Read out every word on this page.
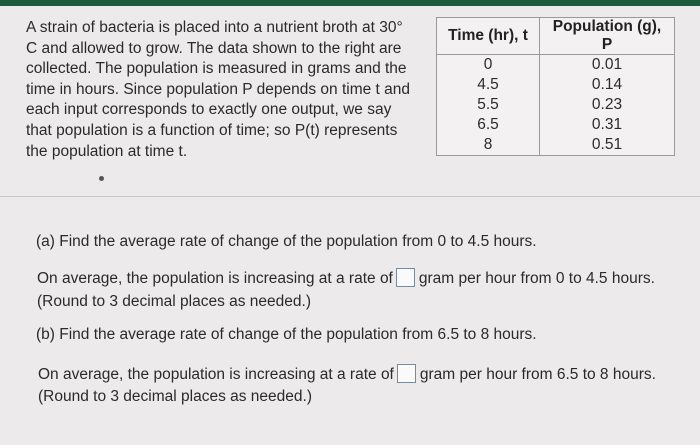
A strain of bacteria is placed into a nutrient broth at 30°
C and allowed to grow. The data shown to the right are
collected. The population is measured in grams and the
time in hours. Since population P depends on time t and
each input corresponds to exactly one output, we say
that population is a function of time; so P(t) represents
the population at time t.
Time (hr), t	Population (g), P
0	0.01
4.5	0.14
5.5	0.23
6.5	0.31
8	0.51
(a) Find the average rate of change of the population from 0 to 4.5 hours.
On average, the population is increasing at a rate of gram per hour from 0 to 4.5 hours.
(Round to 3 decimal places as needed.)
(b) Find the average rate of change of the population from 6.5 to 8 hours.
On average, the population is increasing at a rate of gram per hour from 6.5 to 8 hours.
(Round to 3 decimal places as needed.)
